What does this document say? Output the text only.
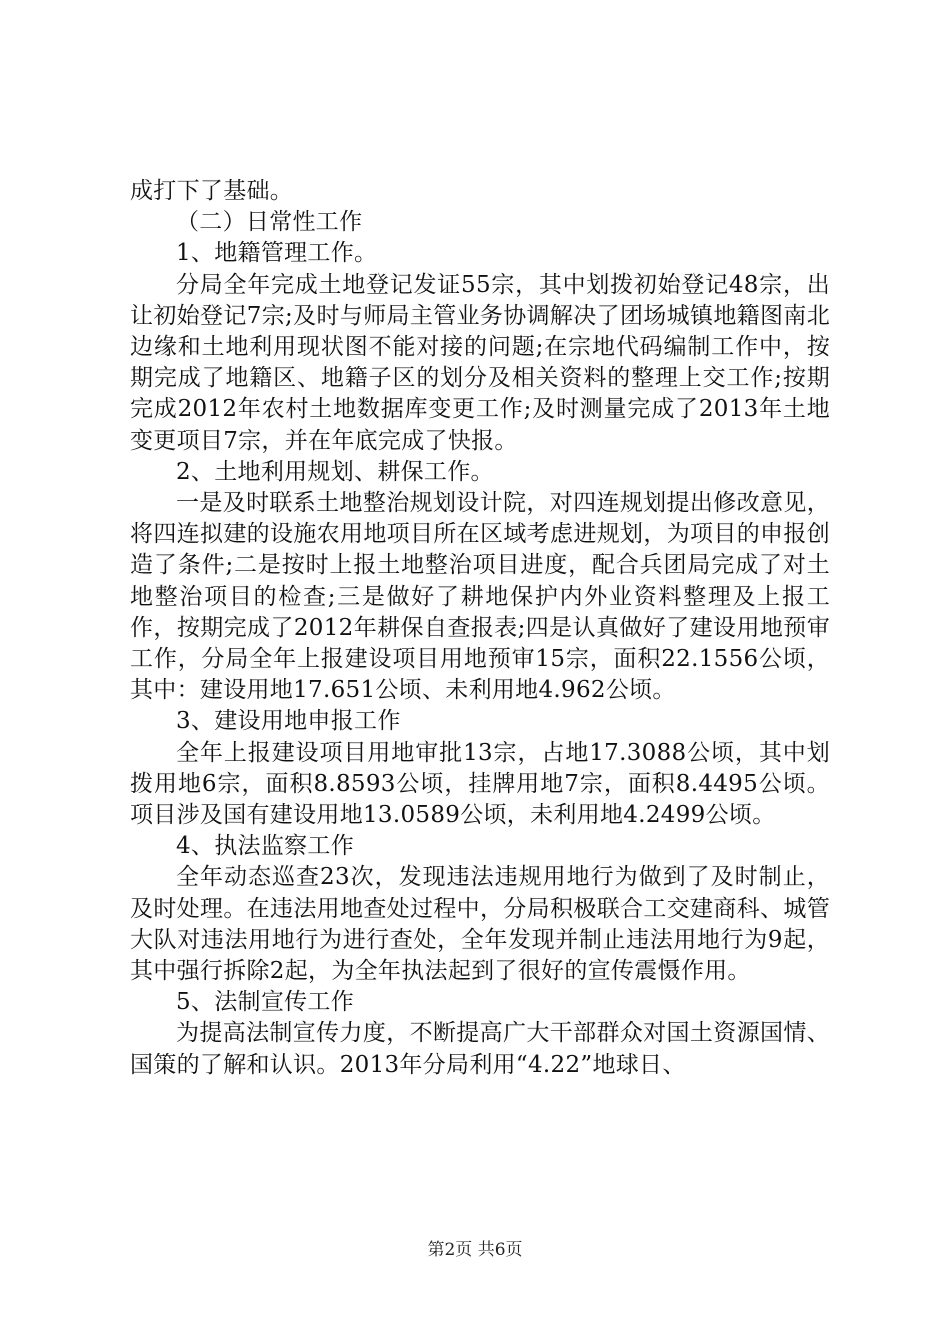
成打下了基础。

（二）日常性工作

1、地籍管理工作。

分局全年完成土地登记发证55宗，其中划拨初始登记48宗，出让初始登记7宗;及时与师局主管业务协调解决了团场城镇地籍图南北边缘和土地利用现状图不能对接的问题;在宗地代码编制工作中，按期完成了地籍区、地籍子区的划分及相关资料的整理上交工作;按期完成2012年农村土地数据库变更工作;及时测量完成了2013年土地变更项目7宗，并在年底完成了快报。

2、土地利用规划、耕保工作。

一是及时联系土地整治规划设计院，对四连规划提出修改意见，将四连拟建的设施农用地项目所在区域考虑进规划，为项目的申报创造了条件;二是按时上报土地整治项目进度，配合兵团局完成了对土地整治项目的检查;三是做好了耕地保护内外业资料整理及上报工作，按期完成了2012年耕保自查报表;四是认真做好了建设用地预审工作，分局全年上报建设项目用地预审15宗，面积22.1556公顷，其中：建设用地17.651公顷、未利用地4.962公顷。

3、建设用地申报工作

全年上报建设项目用地审批13宗，占地17.3088公顷，其中划拨用地6宗，面积8.8593公顷，挂牌用地7宗，面积8.4495公顷。项目涉及国有建设用地13.0589公顷，未利用地4.2499公顷。

4、执法监察工作

全年动态巡查23次，发现违法违规用地行为做到了及时制止，及时处理。在违法用地查处过程中，分局积极联合工交建商科、城管大队对违法用地行为进行查处，全年发现并制止违法用地行为9起，其中强行拆除2起，为全年执法起到了很好的宣传震慑作用。

5、法制宣传工作

为提高法制宣传力度，不断提高广大干部群众对国土资源国情、国策的了解和认识。2013年分局利用“4.22”地球日、

第2页 共6页
